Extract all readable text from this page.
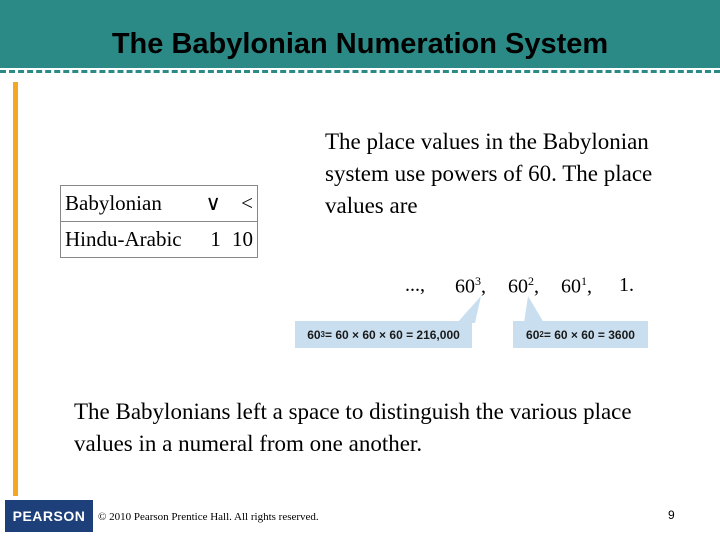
The Babylonian Numeration System
Babylonian	∨	<
Hindu-Arabic	1	10
The place values in the Babylonian system use powers of 60. The place values are
..., $60^3$, $60^2$, $60^1$, 1.
60 3 = 60 × 60 × 60 = 216,000	60 2 = 60 × 60 = 3600
The Babylonians left a space to distinguish the various place values in a numeral from one another.
PEARSON © 2010 Pearson Prentice Hall. All rights reserved.	9
